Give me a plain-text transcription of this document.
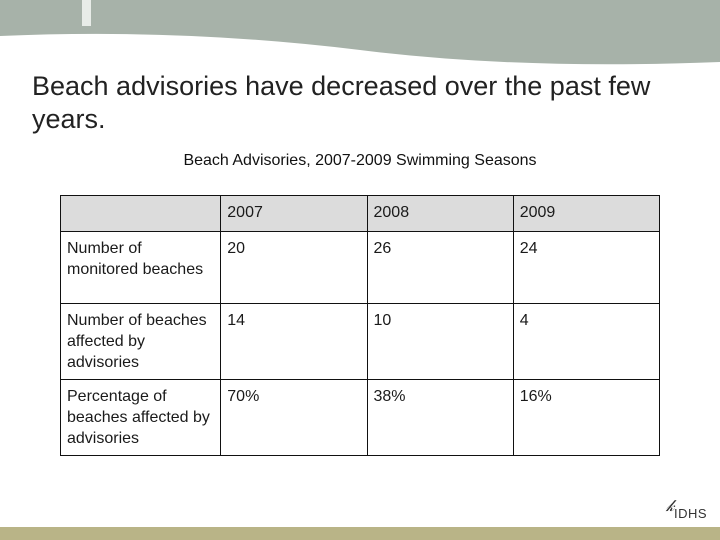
Beach advisories have decreased over the past few years.
Beach Advisories, 2007-2009 Swimming Seasons
	2007	2008	2009
Number of monitored beaches	20	26	24
Number of beaches affected by advisories	14	10	4
Percentage of beaches affected by advisories	70%	38%	16%
𝓀 IDHS
